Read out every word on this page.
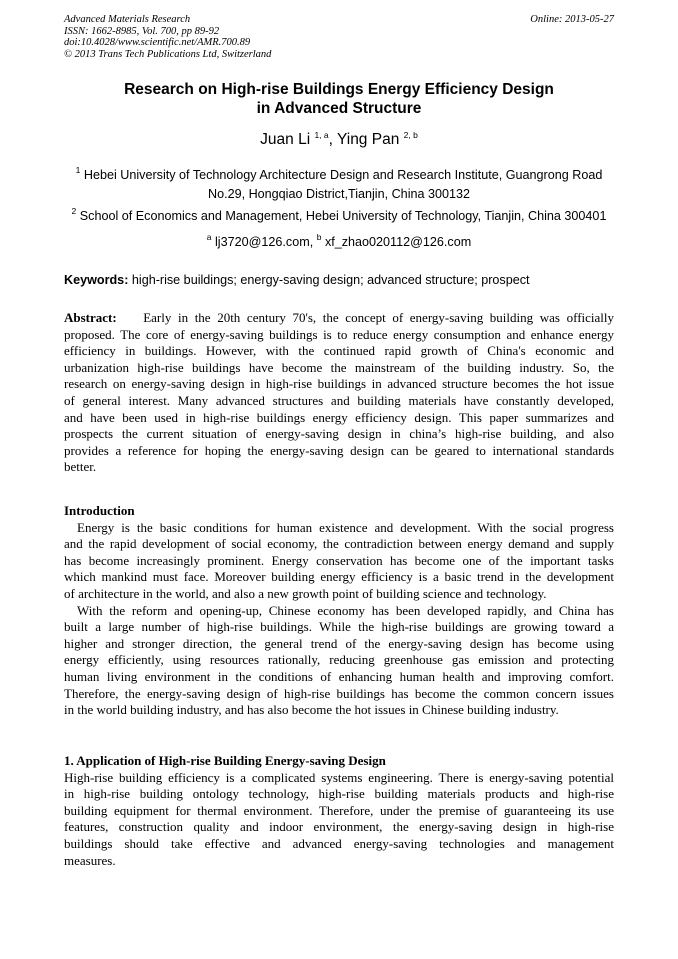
Advanced Materials Research
ISSN: 1662-8985, Vol. 700, pp 89-92
doi:10.4028/www.scientific.net/AMR.700.89
© 2013 Trans Tech Publications Ltd, Switzerland
Online: 2013-05-27
Research on High-rise Buildings Energy Efficiency Design
in Advanced Structure
Juan Li $^{1, a}$, Ying Pan $^{2, b}$
$^1$ Hebei University of Technology Architecture Design and Research Institute, Guangrong Road
No.29, Hongqiao District,Tianjin, China 300132
$^2$ School of Economics and Management, Hebei University of Technology, Tianjin, China 300401
$^a$ lj3720@126.com, $^b$ xf_zhao020112@126.com
Keywords: high-rise buildings; energy-saving design; advanced structure; prospect
Abstract:    Early in the 20th century 70's, the concept of energy-saving building was officially
proposed. The core of energy-saving buildings is to reduce energy consumption and enhance energy
efficiency in buildings. However, with the continued rapid growth of China's economic and
urbanization high-rise buildings have become the mainstream of the building industry. So, the
research on energy-saving design in high-rise buildings in advanced structure becomes the hot issue
of general interest. Many advanced structures and building materials have constantly developed,
and have been used in high-rise buildings energy efficiency design. This paper summarizes and
prospects the current situation of energy-saving design in china’s high-rise building, and also
provides a reference for hoping the energy-saving design can be geared to international standards
better.
Introduction
Energy is the basic conditions for human existence and development. With the social progress
and the rapid development of social economy, the contradiction between energy demand and supply
has become increasingly prominent. Energy conservation has become one of the important tasks
which mankind must face. Moreover building energy efficiency is a basic trend in the development
of architecture in the world, and also a new growth point of building science and technology.
With the reform and opening-up, Chinese economy has been developed rapidly, and China has
built a large number of high-rise buildings. While the high-rise buildings are growing toward a
higher and stronger direction, the general trend of the energy-saving design has become using
energy efficiently, using resources rationally, reducing greenhouse gas emission and protecting
human living environment in the conditions of enhancing human health and improving comfort.
Therefore, the energy-saving design of high-rise buildings has become the common concern issues
in the world building industry, and has also become the hot issues in Chinese building industry.
1. Application of High-rise Building Energy-saving Design
High-rise building efficiency is a complicated systems engineering. There is energy-saving potential
in high-rise building ontology technology, high-rise building materials products and high-rise
building equipment for thermal environment. Therefore, under the premise of guaranteeing its use
features, construction quality and indoor environment, the energy-saving design in high-rise
buildings should take effective and advanced energy-saving technologies and management
measures.
